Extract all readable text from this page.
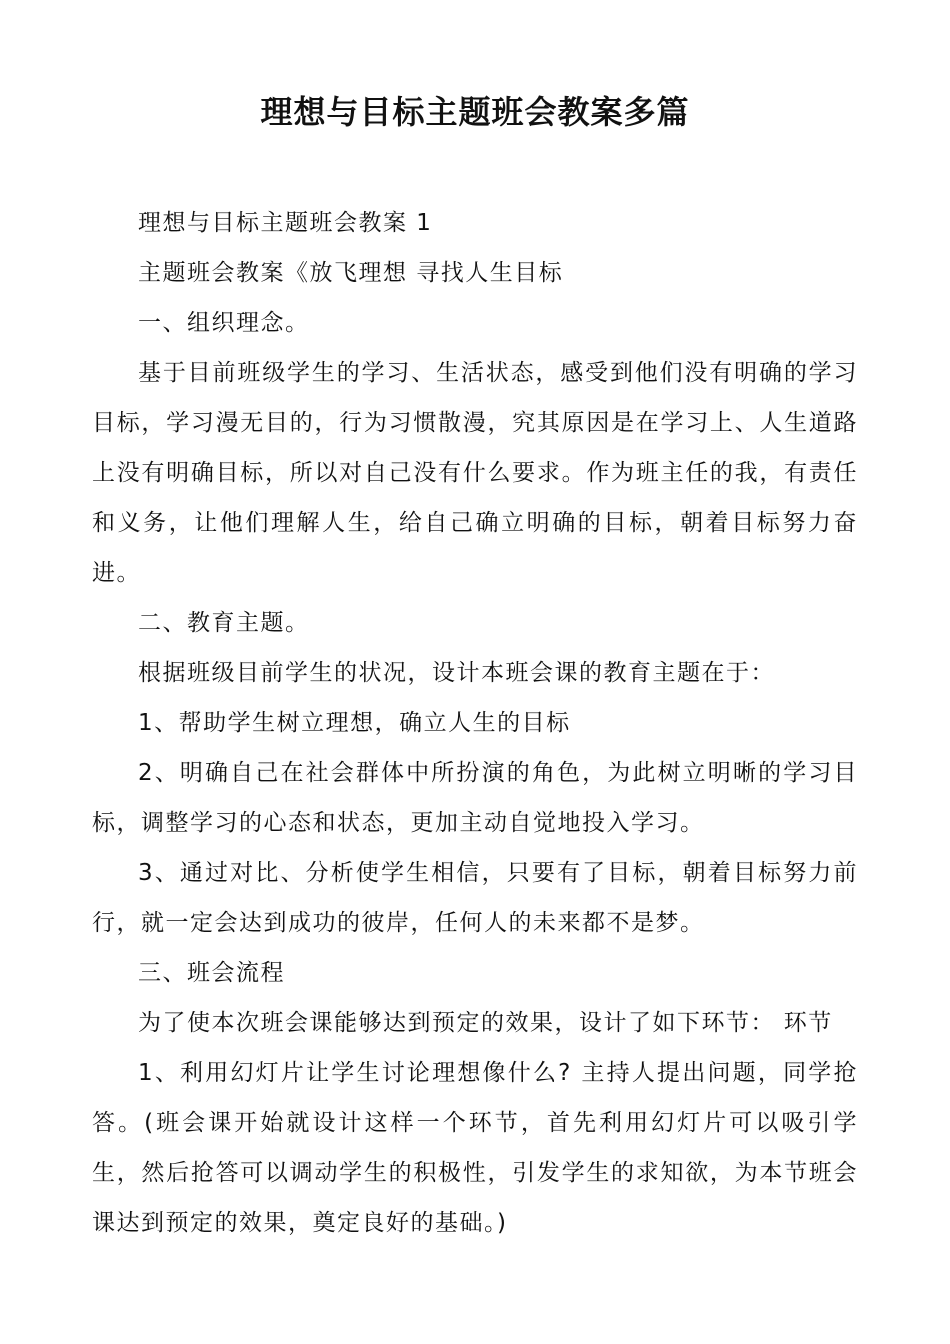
理想与目标主题班会教案多篇

理想与目标主题班会教案 1

主题班会教案《放飞理想 寻找人生目标

一、组织理念。

基于目前班级学生的学习、生活状态，感受到他们没有明确的学习目标，学习漫无目的，行为习惯散漫，究其原因是在学习上、人生道路上没有明确目标，所以对自己没有什么要求。作为班主任的我，有责任和义务，让他们理解人生，给自己确立明确的目标，朝着目标努力奋进。

二、教育主题。

根据班级目前学生的状况，设计本班会课的教育主题在于：

1、帮助学生树立理想，确立人生的目标

2、明确自己在社会群体中所扮演的角色，为此树立明晰的学习目标，调整学习的心态和状态，更加主动自觉地投入学习。

3、通过对比、分析使学生相信，只要有了目标，朝着目标努力前行，就一定会达到成功的彼岸，任何人的未来都不是梦。

三、班会流程

为了使本次班会课能够达到预定的效果，设计了如下环节： 环节

1、利用幻灯片让学生讨论理想像什么? 主持人提出问题，同学抢答。(班会课开始就设计这样一个环节，首先利用幻灯片可以吸引学生，然后抢答可以调动学生的积极性，引发学生的求知欲，为本节班会课达到预定的效果，奠定良好的基础。)
